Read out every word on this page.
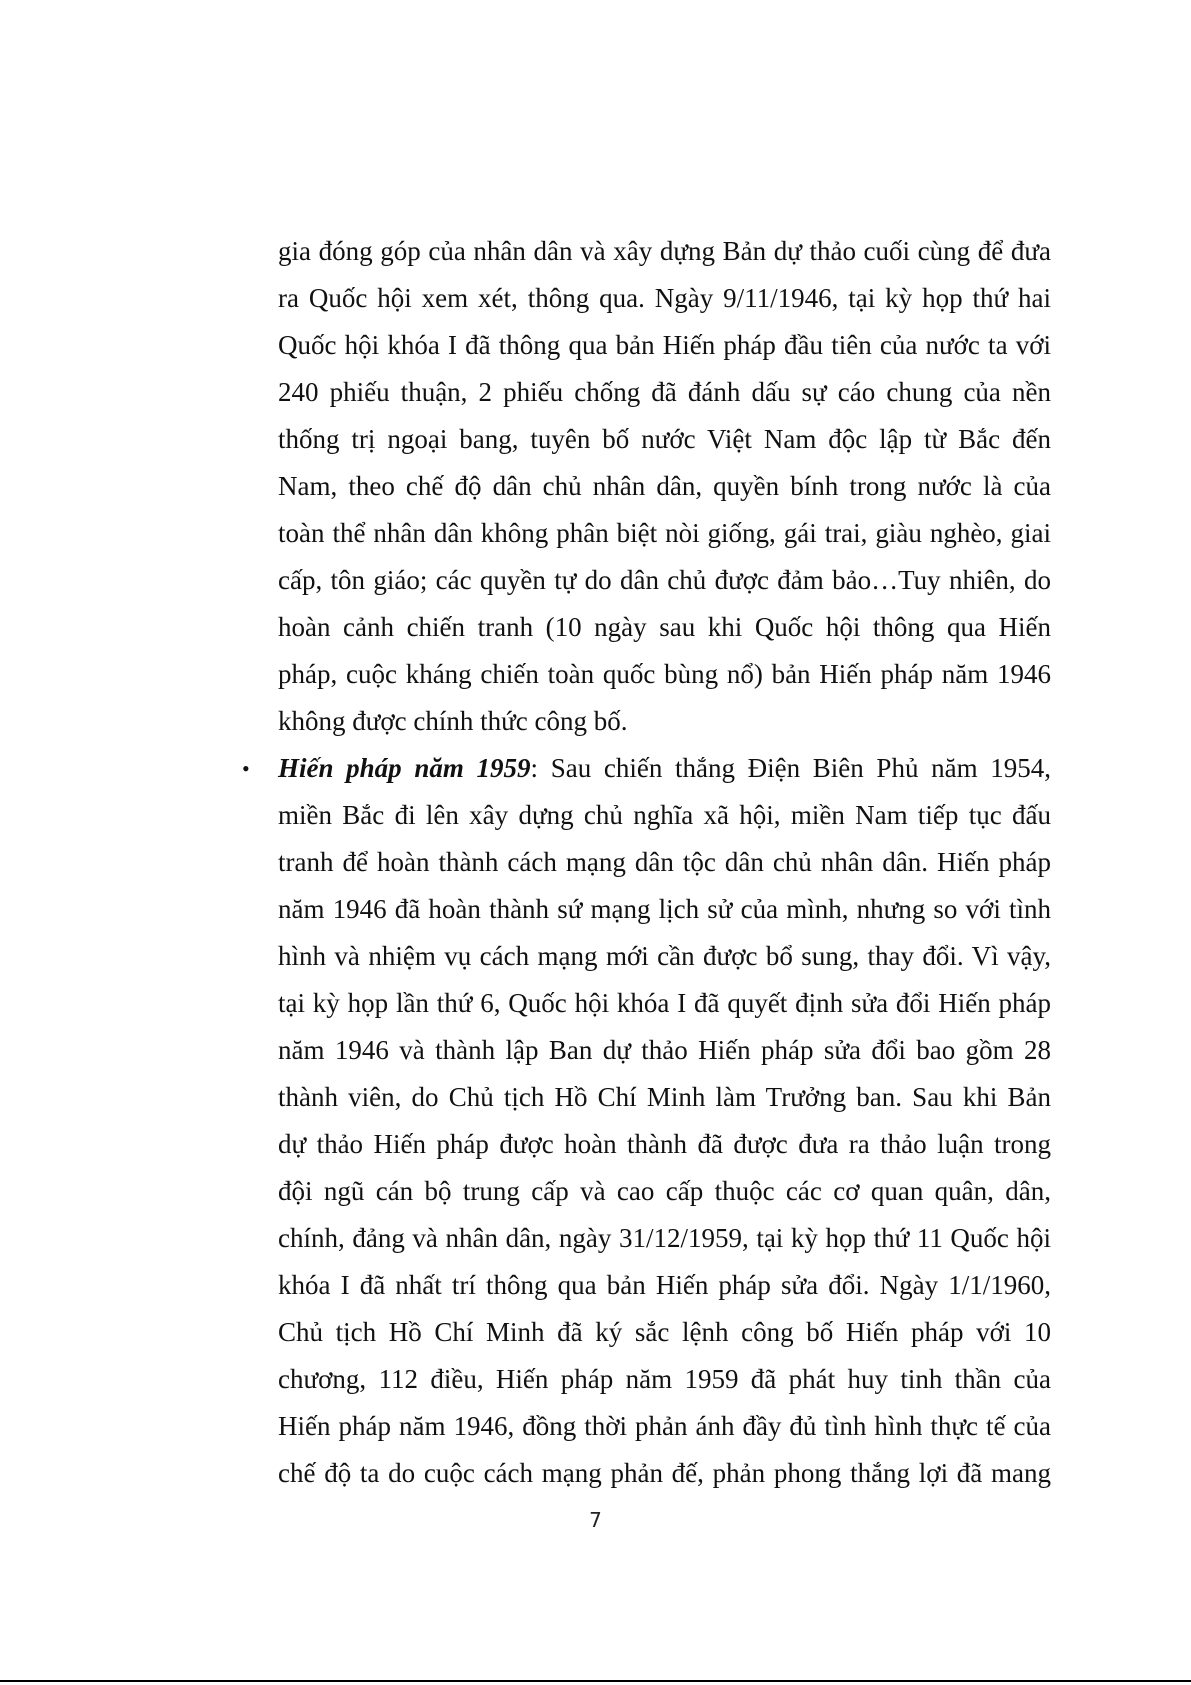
gia đóng góp của nhân dân và xây dựng Bản dự thảo cuối cùng để đưa
ra Quốc hội xem xét, thông qua. Ngày 9/11/1946, tại kỳ họp thứ hai
Quốc hội khóa I đã thông qua bản Hiến pháp đầu tiên của nước ta với
240 phiếu thuận, 2 phiếu chống đã đánh dấu sự cáo chung của nền
thống trị ngoại bang, tuyên bố nước Việt Nam độc lập từ Bắc đến
Nam, theo chế độ dân chủ nhân dân, quyền bính trong nước là của
toàn thể nhân dân không phân biệt nòi giống, gái trai, giàu nghèo, giai
cấp, tôn giáo; các quyền tự do dân chủ được đảm bảo…Tuy nhiên, do
hoàn cảnh chiến tranh (10 ngày sau khi Quốc hội thông qua Hiến
pháp, cuộc kháng chiến toàn quốc bùng nổ) bản Hiến pháp năm 1946
không được chính thức công bố.
• Hiến pháp năm 1959: Sau chiến thắng Điện Biên Phủ năm 1954,
miền Bắc đi lên xây dựng chủ nghĩa xã hội, miền Nam tiếp tục đấu
tranh để hoàn thành cách mạng dân tộc dân chủ nhân dân. Hiến pháp
năm 1946 đã hoàn thành sứ mạng lịch sử của mình, nhưng so với tình
hình và nhiệm vụ cách mạng mới cần được bổ sung, thay đổi. Vì vậy,
tại kỳ họp lần thứ 6, Quốc hội khóa I đã quyết định sửa đổi Hiến pháp
năm 1946 và thành lập Ban dự thảo Hiến pháp sửa đổi bao gồm 28
thành viên, do Chủ tịch Hồ Chí Minh làm Trưởng ban. Sau khi Bản
dự thảo Hiến pháp được hoàn thành đã được đưa ra thảo luận trong
đội ngũ cán bộ trung cấp và cao cấp thuộc các cơ quan quân, dân,
chính, đảng và nhân dân, ngày 31/12/1959, tại kỳ họp thứ 11 Quốc hội
khóa I đã nhất trí thông qua bản Hiến pháp sửa đổi. Ngày 1/1/1960,
Chủ tịch Hồ Chí Minh đã ký sắc lệnh công bố Hiến pháp với 10
chương, 112 điều, Hiến pháp năm 1959 đã phát huy tinh thần của
Hiến pháp năm 1946, đồng thời phản ánh đầy đủ tình hình thực tế của
chế độ ta do cuộc cách mạng phản đế, phản phong thắng lợi đã mang
7
